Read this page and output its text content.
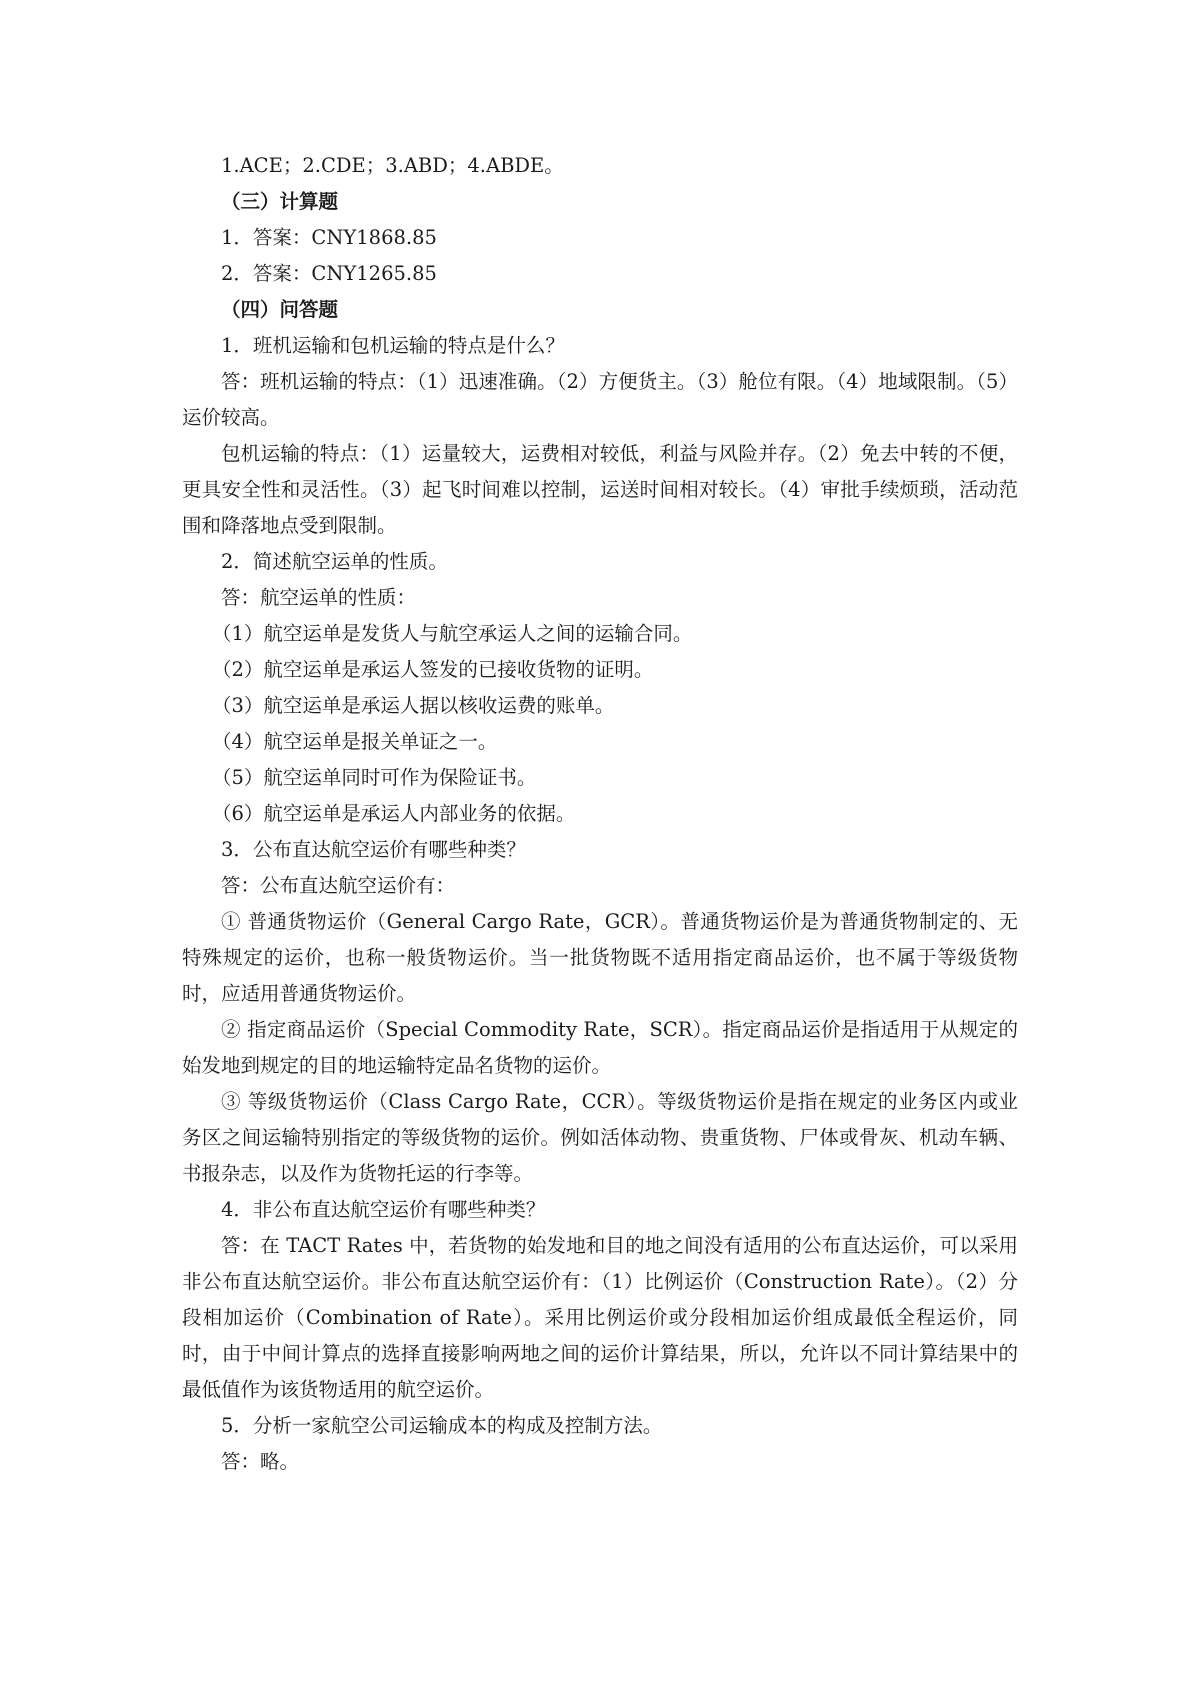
1.ACE；2.CDE；3.ABD；4.ABDE。

（三）计算题

1．答案：CNY1868.85

2．答案：CNY1265.85

（四）问答题

1．班机运输和包机运输的特点是什么？

答：班机运输的特点：（1）迅速准确。（2）方便货主。（3）舱位有限。（4）地域限制。（5）运价较高。

包机运输的特点：（1）运量较大，运费相对较低，利益与风险并存。（2）免去中转的不便，更具安全性和灵活性。（3）起飞时间难以控制，运送时间相对较长。（4）审批手续烦琐，活动范围和降落地点受到限制。

2．简述航空运单的性质。

答：航空运单的性质：

（1）航空运单是发货人与航空承运人之间的运输合同。

（2）航空运单是承运人签发的已接收货物的证明。

（3）航空运单是承运人据以核收运费的账单。

（4）航空运单是报关单证之一。

（5）航空运单同时可作为保险证书。

（6）航空运单是承运人内部业务的依据。

3．公布直达航空运价有哪些种类？

答：公布直达航空运价有：

① 普通货物运价（General Cargo Rate，GCR）。普通货物运价是为普通货物制定的、无特殊规定的运价，也称一般货物运价。当一批货物既不适用指定商品运价，也不属于等级货物时，应适用普通货物运价。

② 指定商品运价（Special Commodity Rate，SCR）。指定商品运价是指适用于从规定的始发地到规定的目的地运输特定品名货物的运价。

③ 等级货物运价（Class Cargo Rate，CCR）。等级货物运价是指在规定的业务区内或业务区之间运输特别指定的等级货物的运价。例如活体动物、贵重货物、尸体或骨灰、机动车辆、书报杂志，以及作为货物托运的行李等。

4．非公布直达航空运价有哪些种类？

答：在 TACT Rates 中，若货物的始发地和目的地之间没有适用的公布直达运价，可以采用非公布直达航空运价。非公布直达航空运价有：（1）比例运价（Construction Rate）。（2）分段相加运价（Combination of Rate）。采用比例运价或分段相加运价组成最低全程运价，同时，由于中间计算点的选择直接影响两地之间的运价计算结果，所以，允许以不同计算结果中的最低值作为该货物适用的航空运价。

5．分析一家航空公司运输成本的构成及控制方法。

答：略。
